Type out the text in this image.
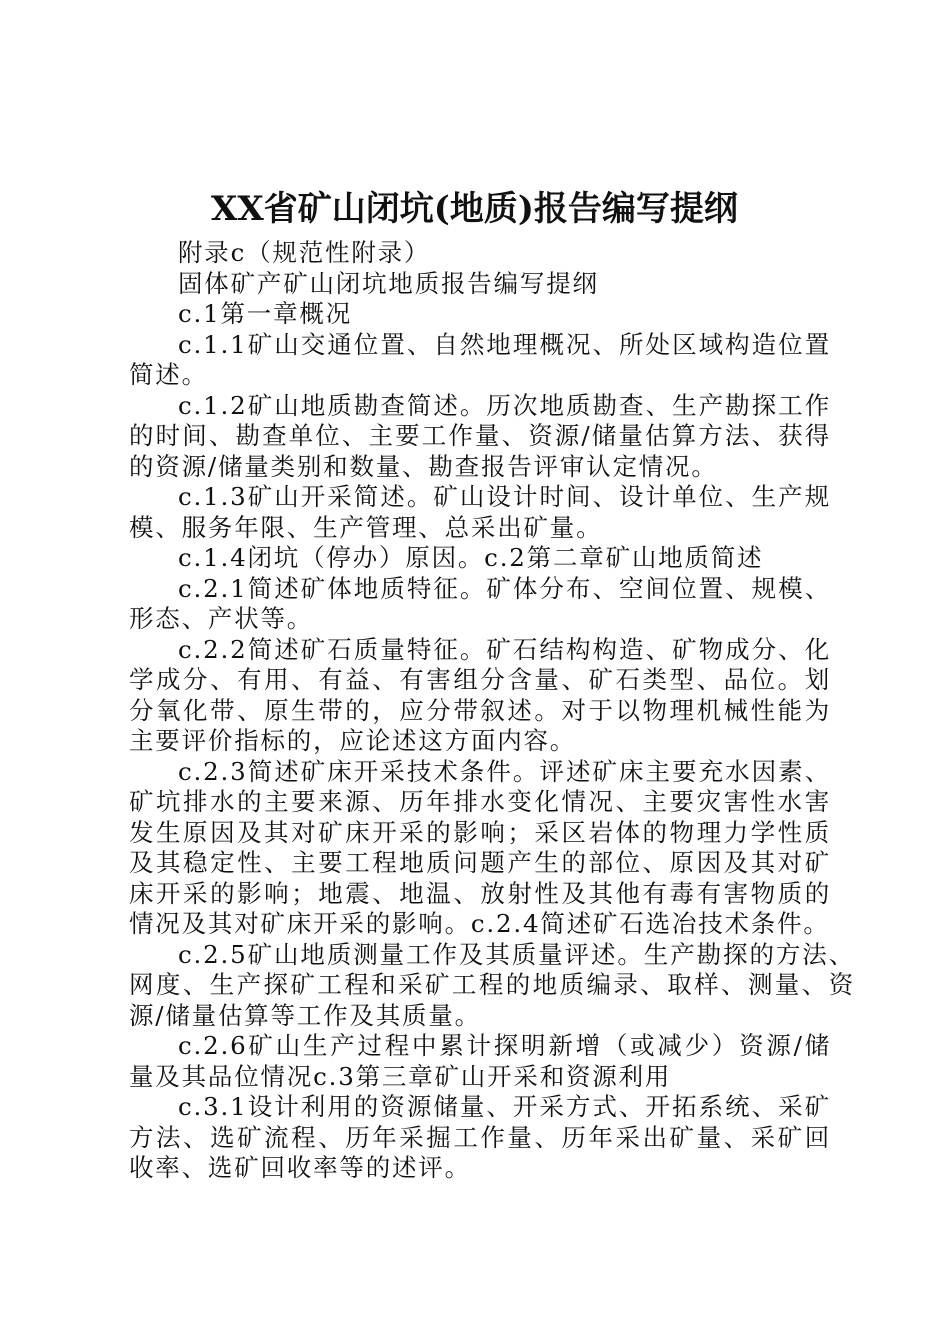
XX省矿山闭坑(地质)报告编写提纲

附录c（规范性附录）

固体矿产矿山闭坑地质报告编写提纲

c.1第一章概况

c.1.1矿山交通位置、自然地理概况、所处区域构造位置简述。

c.1.2矿山地质勘查简述。历次地质勘查、生产勘探工作的时间、勘查单位、主要工作量、资源/储量估算方法、获得的资源/储量类别和数量、勘查报告评审认定情况。

c.1.3矿山开采简述。矿山设计时间、设计单位、生产规模、服务年限、生产管理、总采出矿量。

c.1.4闭坑（停办）原因。c.2第二章矿山地质简述

c.2.1简述矿体地质特征。矿体分布、空间位置、规模、形态、产状等。

c.2.2简述矿石质量特征。矿石结构构造、矿物成分、化学成分、有用、有益、有害组分含量、矿石类型、品位。划分氧化带、原生带的，应分带叙述。对于以物理机械性能为主要评价指标的，应论述这方面内容。

c.2.3简述矿床开采技术条件。评述矿床主要充水因素、矿坑排水的主要来源、历年排水变化情况、主要灾害性水害发生原因及其对矿床开采的影响；采区岩体的物理力学性质及其稳定性、主要工程地质问题产生的部位、原因及其对矿床开采的影响；地震、地温、放射性及其他有毒有害物质的情况及其对矿床开采的影响。c.2.4简述矿石选冶技术条件。

c.2.5矿山地质测量工作及其质量评述。生产勘探的方法、网度、生产探矿工程和采矿工程的地质编录、取样、测量、资源/储量估算等工作及其质量。

c.2.6矿山生产过程中累计探明新增（或减少）资源/储量及其品位情况c.3第三章矿山开采和资源利用

c.3.1设计利用的资源储量、开采方式、开拓系统、采矿方法、选矿流程、历年采掘工作量、历年采出矿量、采矿回收率、选矿回收率等的述评。
